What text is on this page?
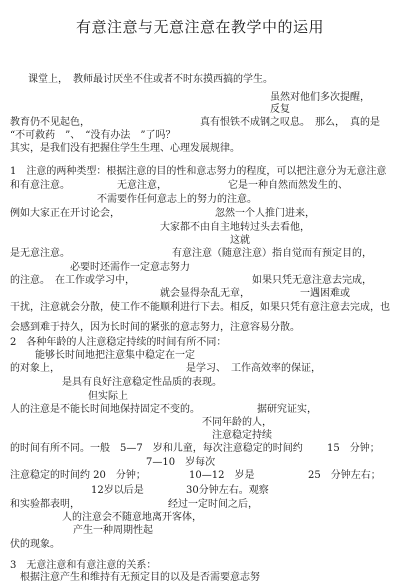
有意注意与无意注意在教学中的运用
课堂上，　教师最讨厌坐不住或者不时东摸西搞的学生。
虽然对他们多次提醒，
反复
教育仍不见起色，	真有恨铁不成钢之叹息。　那么，　真的是
“不可救药　”、　“没有办法　”了吗？
其实，是我们没有把握住学生生理、心理发展规律。
1　注意的两种类型：根据注意的目的性和意志努力的程度，可以把注意分为无意注意
和有意注意。	无意注意，	它是一种自然而然发生的、
不需要作任何意志上的努力的注意。
例如大家正在开讨论会，	忽然一个人推门进来，
大家都不由自主地转过头去看他，
这就
是无意注意。	有意注意（随意注意）指自觉而有预定目的，
必要时还需作一定意志努力
的注意。　在工作或学习中，	如果只凭无意注意去完成，
就会显得杂乱无章，	一遇困难或
干扰，注意就会分散，使工作不能顺利进行下去。相反，如果只凭有意注意去完成，也
会感到难于持久，因为长时间的紧张的意志努力，注意容易分散。
2　各种年龄的人注意稳定持续的时间有所不同：
能够长时间地把注意集中稳定在一定
的对象上，	是学习、　工作高效率的保证，
是具有良好注意稳定性品质的表现。
但实际上
人的注意是不能长时间地保持固定不变的。	据研究证实，
不同年龄的人，
注意稳定持续
的时间有所不同。一般　5—7　岁和儿童，每次注意稳定的时间约 15　分钟；
7—10　岁每次
注意稳定的时间约 20　分钟；	10—12　岁是	25　分钟左右；
12岁以后是	30分钟左右。观察
和实验都表明，	经过一定时间之后，
人的注意会不随意地离开客体，
产生一种周期性起
伏的现象。
3　无意注意和有意注意的关系：
根据注意产生和维持有无预定目的以及是否需要意志努
